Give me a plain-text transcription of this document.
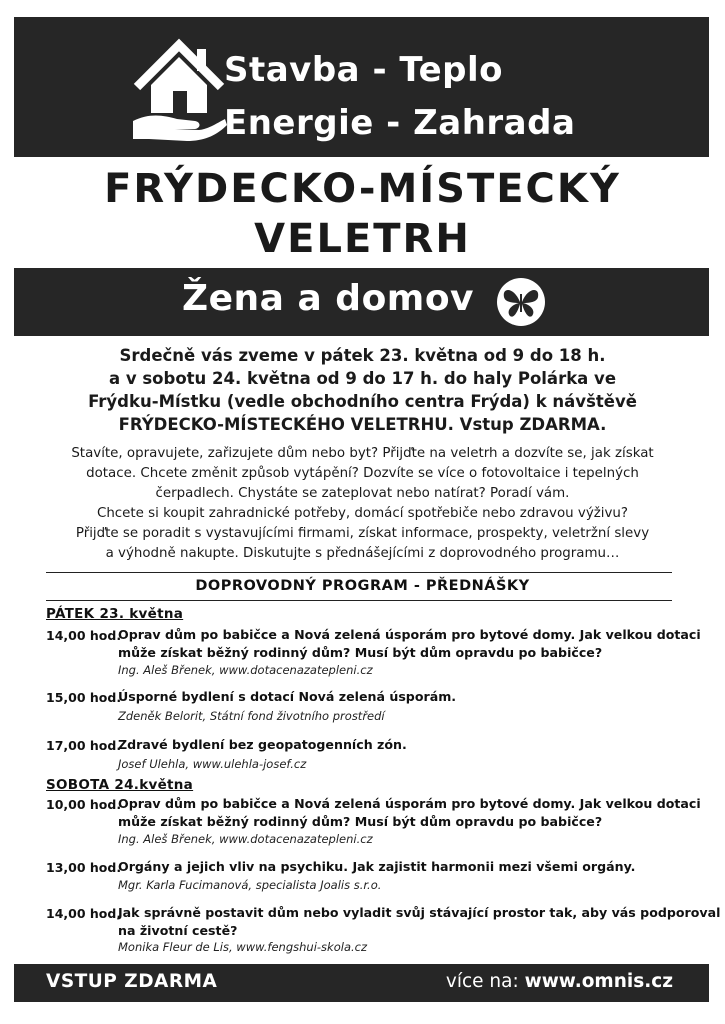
Stavba - Teplo
Energie - Zahrada
FRÝDECKO-MÍSTECKÝ
VELETRH
Žena a domov
Srdečně vás zveme v pátek 23. května od 9 do 18 h.
a v sobotu 24. května od 9 do 17 h. do haly Polárka ve
Frýdku-Místku (vedle obchodního centra Frýda) k návštěvě
FRÝDECKO-MÍSTECKÉHO VELETRHU. Vstup ZDARMA.
Stavíte, opravujete, zařizujete dům nebo byt? Přijďte na veletrh a dozvíte se, jak získat
dotace. Chcete změnit způsob vytápění? Dozvíte se více o fotovoltaice i tepelných
čerpadlech. Chystáte se zateplovat nebo natírat? Poradí vám.
Chcete si koupit zahradnické potřeby, domácí spotřebiče nebo zdravou výživu?
Přijďte se poradit s vystavujícími firmami, získat informace, prospekty, veletržní slevy
a výhodně nakupte. Diskutujte s přednášejícími z doprovodného programu…
DOPROVODNÝ PROGRAM - PŘEDNÁŠKY
PÁTEK 23. května
14,00 hod.
Oprav dům po babičce a Nová zelená úsporám pro bytové domy. Jak velkou dotaci
může získat běžný rodinný dům? Musí být dům opravdu po babičce?
Ing. Aleš Břenek, www.dotacenazatepleni.cz
15,00 hod.
Úsporné bydlení s dotací Nová zelená úsporám.
Zdeněk Belorit, Státní fond životního prostředí
17,00 hod.
Zdravé bydlení bez geopatogenních zón.
Josef Ulehla, www.ulehla-josef.cz
SOBOTA 24.května
10,00 hod.
Oprav dům po babičce a Nová zelená úsporám pro bytové domy. Jak velkou dotaci
může získat běžný rodinný dům? Musí být dům opravdu po babičce?
Ing. Aleš Břenek, www.dotacenazatepleni.cz
13,00 hod.
Orgány a jejich vliv na psychiku. Jak zajistit harmonii mezi všemi orgány.
Mgr. Karla Fucimanová, specialista Joalis s.r.o.
14,00 hod.
Jak správně postavit dům nebo vyladit svůj stávající prostor tak, aby vás podporoval
na životní cestě?
Monika Fleur de Lis, www.fengshui-skola.cz
VSTUP ZDARMA	více na: www.omnis.cz
